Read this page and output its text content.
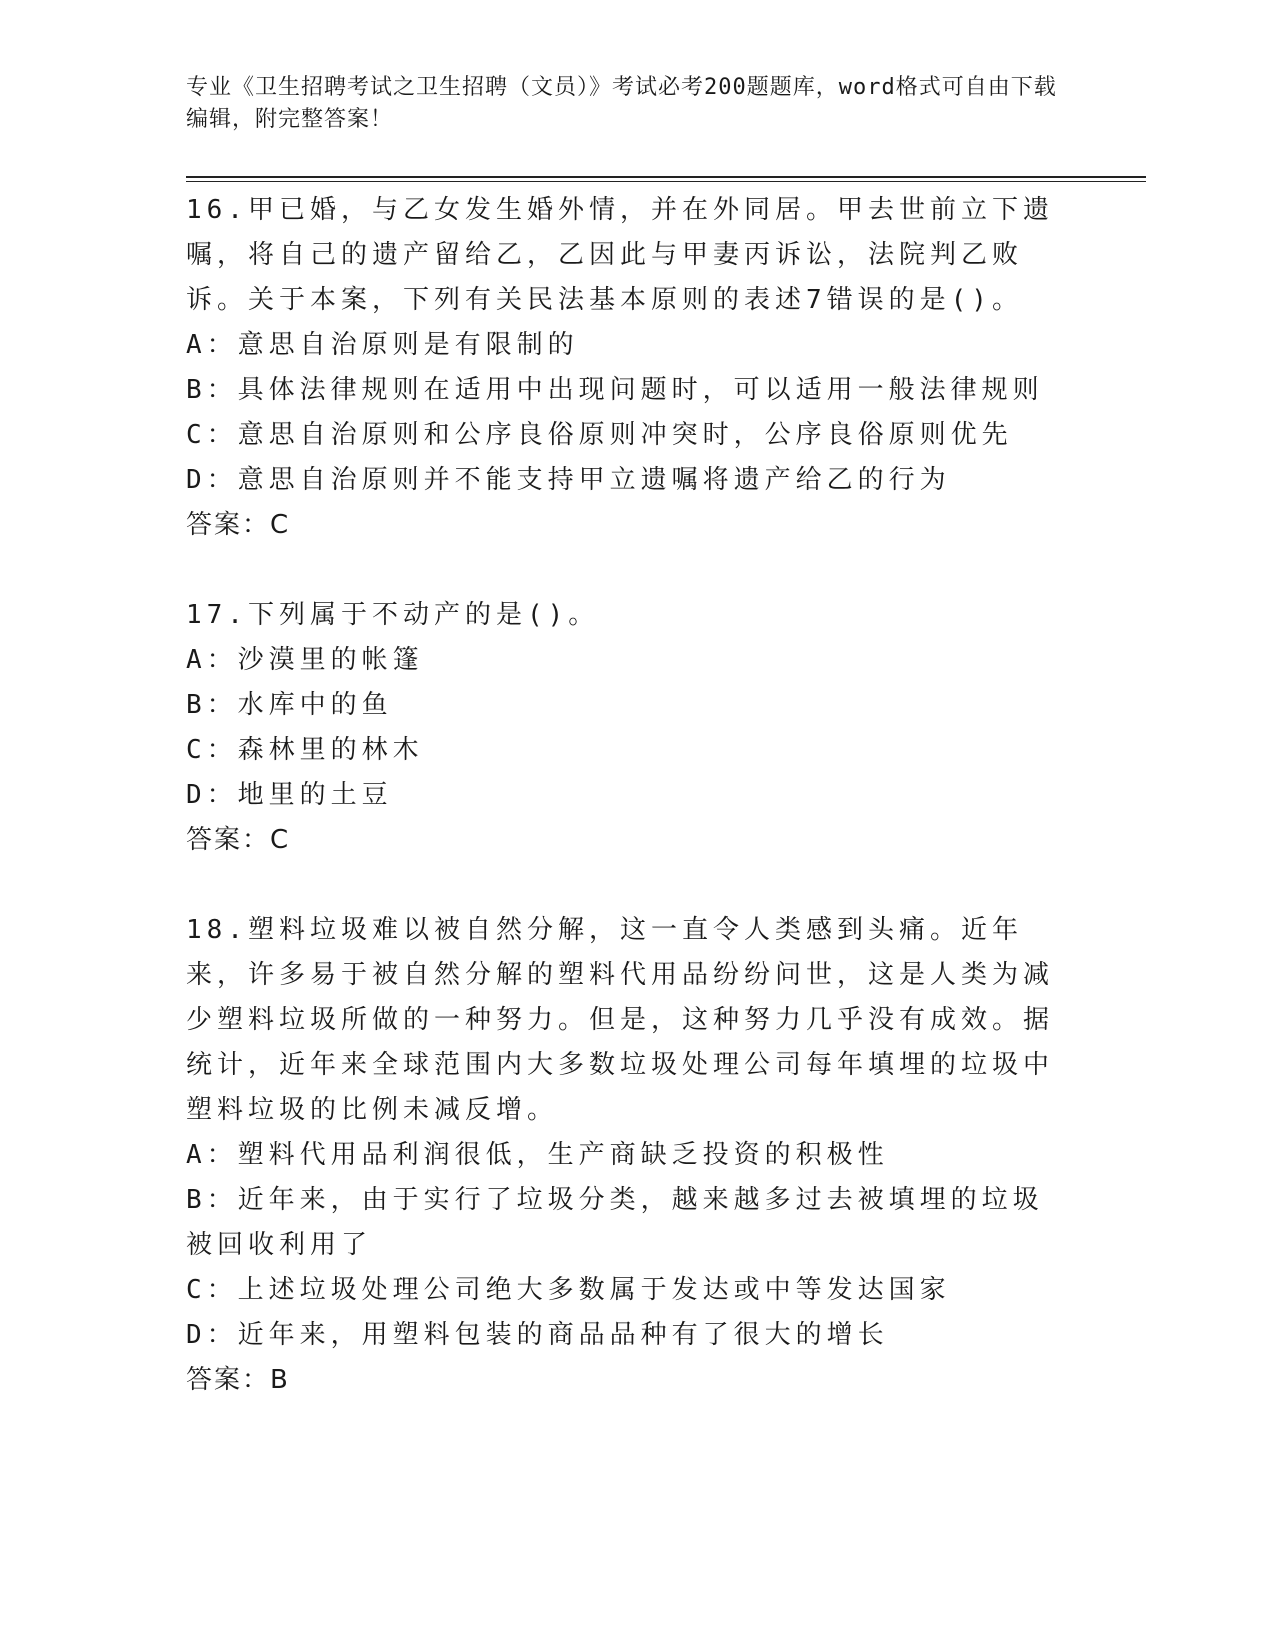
专业《卫生招聘考试之卫生招聘（文员）》考试必考200题题库，word格式可自由下载编辑，附完整答案！

16.甲已婚，与乙女发生婚外情，并在外同居。甲去世前立下遗嘱，将自己的遗产留给乙，乙因此与甲妻丙诉讼，法院判乙败诉。关于本案，下列有关民法基本原则的表述7错误的是()。

A：意思自治原则是有限制的

B：具体法律规则在适用中出现问题时，可以适用一般法律规则

C：意思自治原则和公序良俗原则冲突时，公序良俗原则优先

D：意思自治原则并不能支持甲立遗嘱将遗产给乙的行为

答案：C

17.下列属于不动产的是()。

A：沙漠里的帐篷

B：水库中的鱼

C：森林里的林木

D：地里的土豆

答案：C

18.塑料垃圾难以被自然分解，这一直令人类感到头痛。近年来，许多易于被自然分解的塑料代用品纷纷问世，这是人类为减少塑料垃圾所做的一种努力。但是，这种努力几乎没有成效。据统计，近年来全球范围内大多数垃圾处理公司每年填埋的垃圾中塑料垃圾的比例未减反增。

A：塑料代用品利润很低，生产商缺乏投资的积极性

B：近年来，由于实行了垃圾分类，越来越多过去被填埋的垃圾被回收利用了

C：上述垃圾处理公司绝大多数属于发达或中等发达国家

D：近年来，用塑料包装的商品品种有了很大的增长

答案：B
